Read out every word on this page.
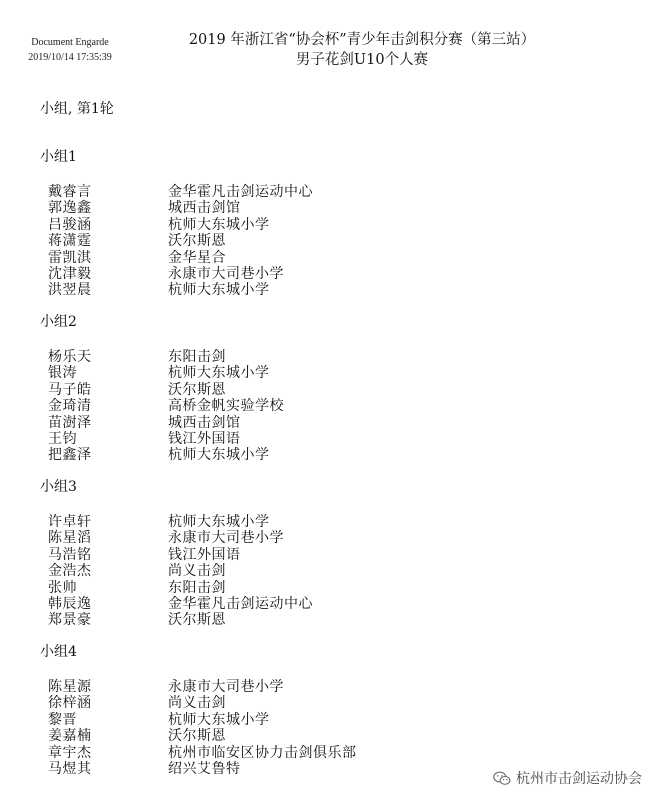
Document Engarde
2019/10/14 17:35:39
2019 年浙江省“协会杯”青少年击剑积分赛（第三站）
男子花剑U10个人赛
小组, 第1轮
小组1
戴睿言	金华霍凡击剑运动中心
郭逸鑫	城西击剑馆
吕骏涵	杭师大东城小学
蒋潇霆	沃尔斯恩
雷凯淇	金华星合
沈津毅	永康市大司巷小学
洪翌晨	杭师大东城小学
小组2
杨乐天	东阳击剑
银涛	杭师大东城小学
马子皓	沃尔斯恩
金琦清	高桥金帆实验学校
苗澍泽	城西击剑馆
王钧	钱江外国语
把鑫泽	杭师大东城小学
小组3
许卓轩	杭师大东城小学
陈星滔	永康市大司巷小学
马浩铭	钱江外国语
金浩杰	尚义击剑
张帅	东阳击剑
韩辰逸	金华霍凡击剑运动中心
郑景豪	沃尔斯恩
小组4
陈星源	永康市大司巷小学
徐梓涵	尚义击剑
黎晋	杭师大东城小学
姜嘉楠	沃尔斯恩
章宇杰	杭州市临安区协力击剑俱乐部
马煜其	绍兴艾鲁特
杭州市击剑运动协会
